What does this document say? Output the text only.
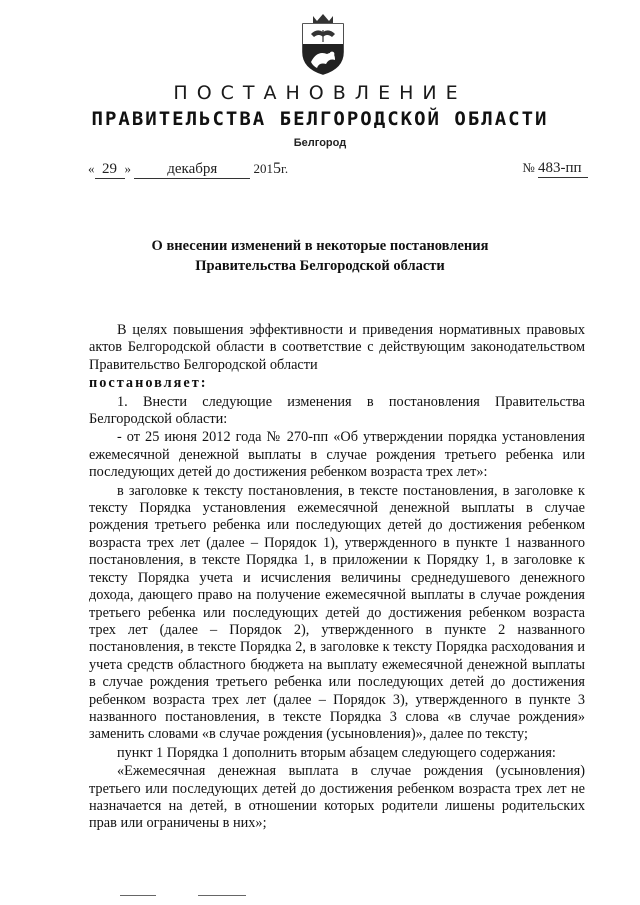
ПОСТАНОВЛЕНИЕ
ПРАВИТЕЛЬСТВА БЕЛГОРОДСКОЙ ОБЛАСТИ
Белгород
« 29 » декабря	2015г.	№ 483-пп
О внесении изменений в некоторые постановления
Правительства Белгородской области

В целях повышения эффективности и приведения нормативных правовых актов Белгородской области в соответствие с действующим законодательством Правительство Белгородской области

постановляет:

1. Внести следующие изменения в постановления Правительства Белгородской области:

- от 25 июня 2012 года № 270-пп «Об утверждении порядка установления ежемесячной денежной выплаты в случае рождения третьего ребенка или последующих детей до достижения ребенком возраста трех лет»:

в заголовке к тексту постановления, в тексте постановления, в заголовке к тексту Порядка установления ежемесячной денежной выплаты в случае рождения третьего ребенка или последующих детей до достижения ребенком возраста трех лет (далее – Порядок 1), утвержденного в пункте 1 названного постановления, в тексте Порядка 1, в приложении к Порядку 1, в заголовке к тексту Порядка учета и исчисления величины среднедушевого денежного дохода, дающего право на получение ежемесячной выплаты в случае рождения третьего ребенка или последующих детей до достижения ребенком возраста трех лет (далее – Порядок 2), утвержденного в пункте 2 названного постановления, в тексте Порядка 2, в заголовке к тексту Порядка расходования и учета средств областного бюджета на выплату ежемесячной денежной выплаты в случае рождения третьего ребенка или последующих детей до достижения ребенком возраста трех лет (далее – Порядок 3), утвержденного в пункте 3 названного постановления, в тексте Порядка 3 слова «в случае рождения» заменить словами «в случае рождения (усыновления)», далее по тексту;

пункт 1 Порядка 1 дополнить вторым абзацем следующего содержания:

«Ежемесячная денежная выплата в случае рождения (усыновления) третьего или последующих детей до достижения ребенком возраста трех лет не назначается на детей, в отношении которых родители лишены родительских прав или ограничены в них»;
